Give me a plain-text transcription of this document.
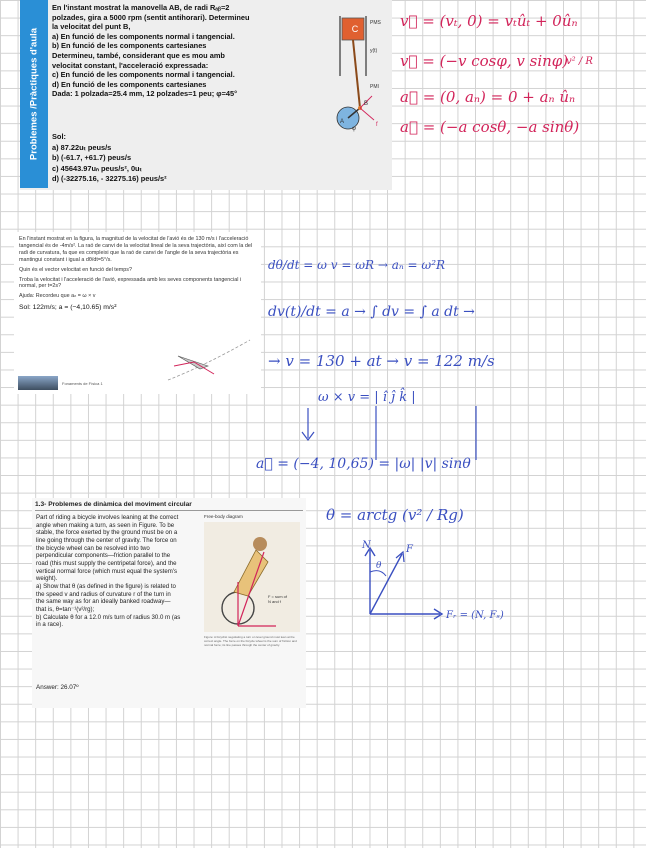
Problemes /Pràctiques d'aula

En l'instant mostrat la manovella AB, de radi Rₐᵦ=2

polzades, gira a 5000 rpm (sentit antihorari). Determineu

la velocitat del punt B,

a) En funció de les components normal i tangencial.

b) En funció de les components cartesianes

Determineu, també, considerant que es mou amb

velocitat constant, l'acceleració expressada:

c) En funció de les components normal i tangencial.

d) En funció de les components cartesianes

Dada: 1 polzada=25.4 mm, 12 polzades=1 peu; φ=45°

Sol:

a) 87.22uₜ peus/s

b) (-61.7, +61.7) peus/s

c) 45643.97uₙ peus/s², 0uₜ

d) (-32275.16, - 32275.16) peus/s²

C
PMS
y(t)
PMI
B
A
φ
f
v⃗ = (vₜ, 0) = vₜûₜ + 0ûₙ
v⃗ = (−v cosφ, v sinφ)
v² / R
a⃗ = (0, aₙ) = 0 + aₙ ûₙ
a⃗ = (−a cosθ, −a sinθ)

En l'instant mostrat en la figura, la magnitud de la velocitat de l'avió és de 130 m/s i l'acceleració tangencial és de -4m/s². La raó de canvi de la velocitat lineal de la seva trajectòria, així com la del radi de curvatura, fa que es compleixi que la raó de canvi de l'angle de la seva trajectòria es mantingui constant i igual a dθ/dt=5°/s.

Quin és el vector velocitat en funció del temps?

Troba la velocitat i l'acceleració de l'avió, expressada amb les seves components tangencial i normal, per t=2s?

Ajuda: Recordeu que aₙ = ω × v

Sol: 122m/s; a = (−4,10.65) m/s²

Fonaments de Física 1
dθ/dt = ω v = ωR → aₙ = ω²R
dv(t)/dt = a → ∫ dv = ∫ a dt →
→ v = 130 + at → v = 122 m/s
ω × v = | î ĵ k̂ |
a⃗ = (−4, 10,65) = |ω| |v| sinθ
1.3- Problemes de dinàmica del moviment circular

Part of riding a bicycle involves leaning at the correct

angle when making a turn, as seen in Figure. To be

stable, the force exerted by the ground must be on a

line going through the center of gravity. The force on

the bicycle wheel can be resolved into two

perpendicular components—friction parallel to the

road (this must supply the centripetal force), and the

vertical normal force (which must equal the system's

weight).

a) Show that θ (as defined in the figure) is related to

the speed v and radius of curvature r of the turn in

the same way as for an ideally banked roadway—

that is, θ=tan⁻¹(v²/rg);

b) Calculate θ for a 12.0 m/s turn of radius 30.0 m (as

in a race).

Answer: 26.07º
Free-body diagram
F = sum of
N and f
Figure: A bicyclist negotiating a turn on level ground must lean at the correct angle. The force on the bicycle wheel is the sum of friction and normal force; its line passes through the center of gravity.
θ = arctg (v² / Rg)
N	F
θ
Fᵣ = (N, Fₛ)
